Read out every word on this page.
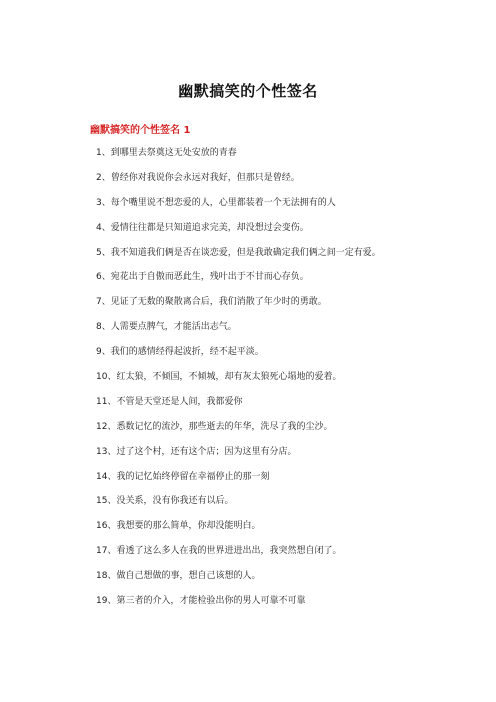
幽默搞笑的个性签名
幽默搞笑的个性签名 1
1、到哪里去祭奠这无处安放的青春
2、曾经你对我说你会永远对我好，但那只是曾经。
3、每个嘴里说不想恋爱的人，心里都装着一个无法拥有的人
4、爱情往往都是只知道追求完美，却没想过会变伤。
5、我不知道我们俩是否在谈恋爱，但是我敢确定我们俩之间一定有爱。
6、宛花出于自傲而恶此生，残叶出于不甘而心存负。
7、见证了无数的聚散离合后，我们消散了年少时的勇敢。
8、人需要点脾气，才能活出志气。
9、我们的感情经得起波折，经不起平淡。
10、红太狼，不倾国，不倾城，却有灰太狼死心塌地的爱着。
11、不管是天堂还是人间，我都爱你
12、悉数记忆的流沙，那些逝去的年华，洗尽了我的尘沙。
13、过了这个村，还有这个店；因为这里有分店。
14、我的记忆始终停留在幸福停止的那一刻
15、没关系，没有你我还有以后。
16、我想要的那么简单，你却没能明白。
17、看透了这么多人在我的世界进进出出，我突然想自闭了。
18、做自己想做的事，想自己该想的人。
19、第三者的介入，才能检验出你的男人可靠不可靠
